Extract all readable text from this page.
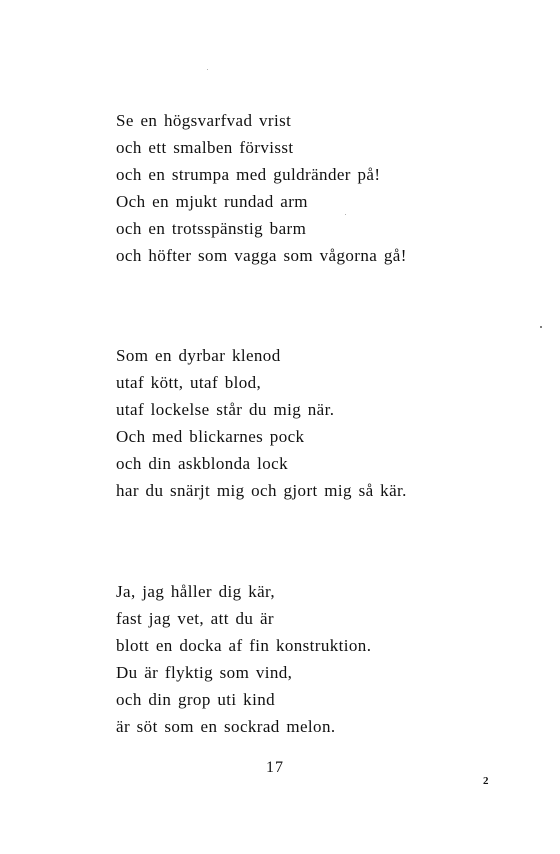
Se en högsvarfvad vrist
och ett smalben förvisst
och en strumpa med guldränder på!
Och en mjukt rundad arm
och en trotsspänstig barm
och höfter som vagga som vågorna gå!
Som en dyrbar klenod
utaf kött, utaf blod,
utaf lockelse står du mig när.
Och med blickarnes pock
och din askblonda lock
har du snärjt mig och gjort mig så kär.
Ja, jag håller dig kär,
fast jag vet, att du är
blott en docka af fin konstruktion.
Du är flyktig som vind,
och din grop uti kind
är söt som en sockrad melon.
17
2
